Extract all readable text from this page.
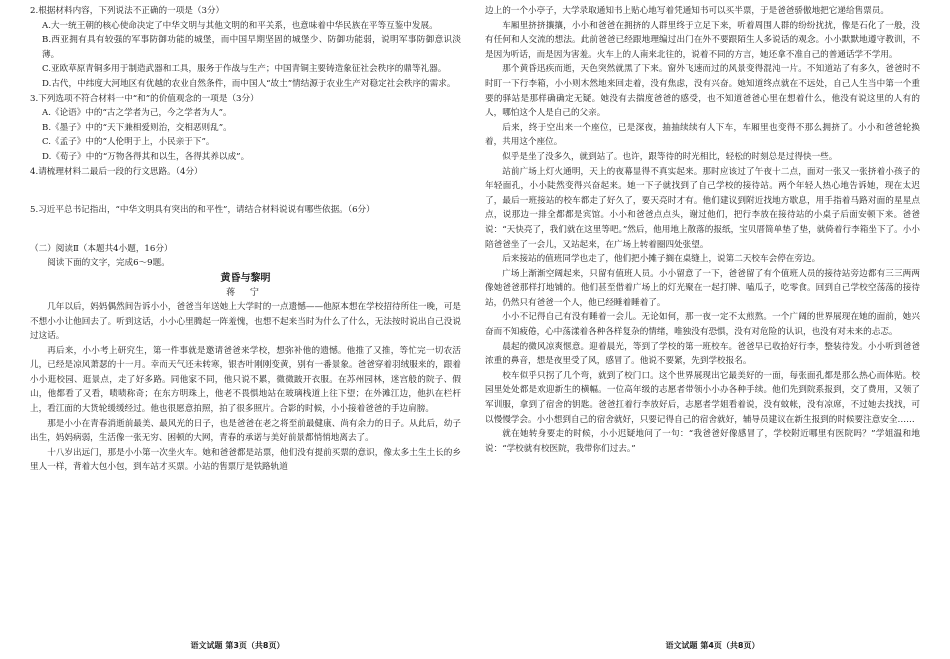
2.根据材料内容，下列说法不正确的一项是（3分）

A.大一统王朝的核心使命决定了中华文明与其他文明的和平关系，也意味着中华民族在平等互鉴中发展。

B.西亚拥有具有较强的军事防御功能的城堡，而中国早期坚固的城堡少、防御功能弱，说明军事防御意识淡薄。

C.亚欧草原青铜多用于制造武器和工具，服务于作战与生产；中国青铜主要铸造象征社会秩序的鼎等礼器。

D.古代，中纬度大河地区有优越的农业自然条件，而中国人“故土”情结源于农业生产对稳定社会秩序的需求。

3.下列选项不符合材料一中“和”的价值观念的一项是（3分）

A.《论语》中的“古之学者为己，今之学者为人”。

B.《墨子》中的“天下兼相爱则治，交相恶则乱”。

C.《孟子》中的“人伦明于上，小民亲于下”。

D.《荀子》中的“万物各得其和以生，各得其养以成”。

4.请梳理材料二最后一段的行文思路。（4分）

5.习近平总书记指出，“中华文明具有突出的和平性”，请结合材料说说有哪些依据。（6分）

（二）阅读Ⅱ（本题共4小题，16分）

阅读下面的文字，完成6～9题。

黄昏与黎明
蒋 宁

几年以后，妈妈偶然间告诉小小，爸爸当年送她上大学时的一点遗憾——他原本想在学校招待所住一晚，可是不想小小让他回去了。听到这话，小小心里腾起一阵羞愧，也想不起来当时为什么了什么，无法按时说出自己没说过这话。

再后来，小小考上研究生，第一件事就是邀请爸爸来学校，想弥补他的遗憾。他推了又推，等忙完一切农活儿，已经是凉风萧瑟的十一月。幸而天气还未转寒，银杏叶刚刚变黄，别有一番景象。爸爸穿着羽绒服来的，跟着小小逛校园、逛景点，走了好多路。同他家不同，他只说不累，微微跛开衣服。在苏州园林，迷宫般的院子、假山，他都看了又看，啧啧称奇；在东方明珠上，他老不畏惧地站在玻璃栈道上往下望；在外滩江边，他扒在栏杆上，看江面的大货轮缓缓经过。他也很愿意拍照，拍了很多照片。合影的时候，小小接着爸爸的手边肩膀。

那是小小在青春消逝前最美、最风光的日子，也是爸爸在老之将至前最健康、尚有余力的日子。从此后，幼子出生，妈妈病弱，生活像一张无穷、困顿的大网，青春的承诺与美好前景都悄悄地离去了。

十八岁出远门，那是小小第一次坐火车。她和爸爸都是站票，他们没有提前买票的意识，像太多土生土长的乡里人一样，背着大包小包，到车站才买票。小站的售票厅是铁路轨道

语文试题 第3页（共8页）

边上的一个小亭子，大学录取通知书上贴心地写着凭通知书可以买半票，于是爸爸骄傲地把它递给售票员。

车厢里挤挤攘攘，小小和爸爸在拥挤的人群里终于立足下来，听着周围人群的纷纷扰扰，像是石化了一般，没有任何和人交流的想法。此前爸爸已经跟地理编过出门在外不要跟陌生人多说话的观念。小小默默地遵守教训，不是因为听话，而是因为害羞。火车上的人南来北往的，说着不同的方言，她还拿不准自己的普通话学不学用。

那个黄昏迅疾而逝，天色突然就黑了下来。窗外飞速而过的风景变得混沌一片。不知道站了有多久，爸爸时不时盯一下行李箱，小小则木然地来回走着，没有焦虑，没有兴奋。她知道终点就在不远处，自己人生当中第一个重要的驿站是那样确确定无疑。她没有去揣度爸爸的感受，也不知道爸爸心里在想着什么，他没有说这里的人有的人，哪怕这个人是自己的父亲。

后来，终于空出来一个座位，已是深夜，抽抽续续有人下车，车厢里也变得不那么拥挤了。小小和爸爸轮换着，共用这个座位。

似乎是坐了没多久，就到站了。也许，跟等待的时光相比，轻松的时刻总是过得快一些。

站前广场上灯火通明，天上的夜幕显得不真实起来。那时应该过了午夜十二点，面对一张又一张挤着小孩子的年轻面孔，小小陡然变得兴奋起来。她一下子就找到了自己学校的接待站。两个年轻人热心地告诉她，现在太迟了，最后一班接站的校车都走了好久了，要天亮时才有。他们建议到附近找地方歇息，用手指着马路对面的星星点点，说那边一排全都都是宾馆。小小和爸爸点点头，谢过他们，把行李放在接待站的小桌子后面安顿下来。爸爸说：“天快亮了，我们就在这里等吧。”然后，他用地上散落的报纸，宝贝厝简单垫了垫，就倚着行李箱坐下了。小小陪爸爸坐了一会儿，又站起来，在广场上转着圈四处张望。

后来接站的值班同学也走了，他们把小摊子搁在桌缝上，说第二天校车会停在旁边。

广场上渐渐空阔起来，只留有值班人员。小小留意了一下，爸爸留了有个值班人员的接待站旁边都有三三两两像她爸爸那样打地铺的。他们甚至借着广场上的灯光聚在一起打牌、嗑瓜子，吃零食。回到自己学校空荡荡的接待站，仍然只有爸爸一个人，他已经睡着睡着了。

小小不记得自己有没有睡着一会儿。无论如何，那一夜一定不太煎熬。一个广阔的世界展现在她的面前，她兴奋而不知疲倦，心中荡漾着各种各样复杂的情绪，唯独没有恐惧，没有对危险的认识，也没有对未来的忐忑。

晨起的微风凉爽惬意。迎着晨光，等到了学校的第一班校车。爸爸早已收拾好行李，整装待发。小小听到爸爸浓重的鼻音，想是夜里受了风，感冒了。他说不要紧，先到学校报名。

校车似乎只拐了几个弯，就到了校门口。这个世界展现出它最美好的一面，每张面孔都是那么热心而体贴。校园里处处都是欢迎新生的横幅。一位高年级的志愿者带领小小办各种手续。他们先到院系报到，交了费用，又领了军训服，拿到了宿舍的钥匙。爸爸扛着行李放好后，志愿者学姐看着说，没有蚊帐，没有凉席，不过她去找找，可以慢慢学会。小小想到自己的宿舍就好，只要记得自己的宿舍就好，辅导员建议在新生报到的时候要注意安全……

就在她转身要走的时候，小小迟疑地问了一句：“我爸爸好像感冒了，学校附近哪里有医院吗？”学姐温和地说：“学校就有校医院，我带你们过去。”

语文试题 第4页（共8页）
